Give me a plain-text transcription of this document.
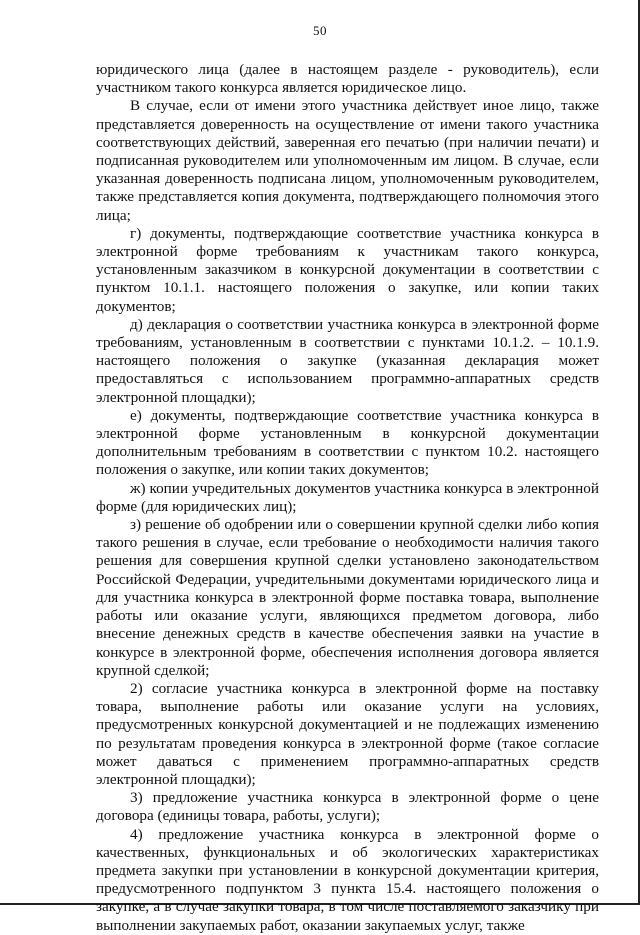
50

юридического лица (далее в настоящем разделе - руководитель), если участником такого конкурса является юридическое лицо.

В случае, если от имени этого участника действует иное лицо, также представляется доверенность на осуществление от имени такого участника соответствующих действий, заверенная его печатью (при наличии печати) и подписанная руководителем или уполномоченным им лицом. В случае, если указанная доверенность подписана лицом, уполномоченным руководителем, также представляется копия документа, подтверждающего полномочия этого лица;

г) документы, подтверждающие соответствие участника конкурса в электронной форме требованиям к участникам такого конкурса, установленным заказчиком в конкурсной документации в соответствии с пунктом 10.1.1. настоящего положения о закупке, или копии таких документов;

д) декларация о соответствии участника конкурса в электронной форме требованиям, установленным в соответствии с пунктами 10.1.2. – 10.1.9. настоящего положения о закупке (указанная декларация может предоставляться с использованием программно-аппаратных средств электронной площадки);

е) документы, подтверждающие соответствие участника конкурса в электронной форме установленным в конкурсной документации дополнительным требованиям в соответствии с пунктом 10.2. настоящего положения о закупке, или копии таких документов;

ж) копии учредительных документов участника конкурса в электронной форме (для юридических лиц);

з) решение об одобрении или о совершении крупной сделки либо копия такого решения в случае, если требование о необходимости наличия такого решения для совершения крупной сделки установлено законодательством Российской Федерации, учредительными документами юридического лица и для участника конкурса в электронной форме поставка товара, выполнение работы или оказание услуги, являющихся предметом договора, либо внесение денежных средств в качестве обеспечения заявки на участие в конкурсе в электронной форме, обеспечения исполнения договора является крупной сделкой;

2) согласие участника конкурса в электронной форме на поставку товара, выполнение работы или оказание услуги на условиях, предусмотренных конкурсной документацией и не подлежащих изменению по результатам проведения конкурса в электронной форме (такое согласие может даваться с применением программно-аппаратных средств электронной площадки);

3) предложение участника конкурса в электронной форме о цене договора (единицы товара, работы, услуги);

4) предложение участника конкурса в электронной форме о качественных, функциональных и об экологических характеристиках предмета закупки при установлении в конкурсной документации критерия, предусмотренного подпунктом 3 пункта 15.4. настоящего положения о закупке, а в случае закупки товара, в том числе поставляемого заказчику при выполнении закупаемых работ, оказании закупаемых услуг, также
